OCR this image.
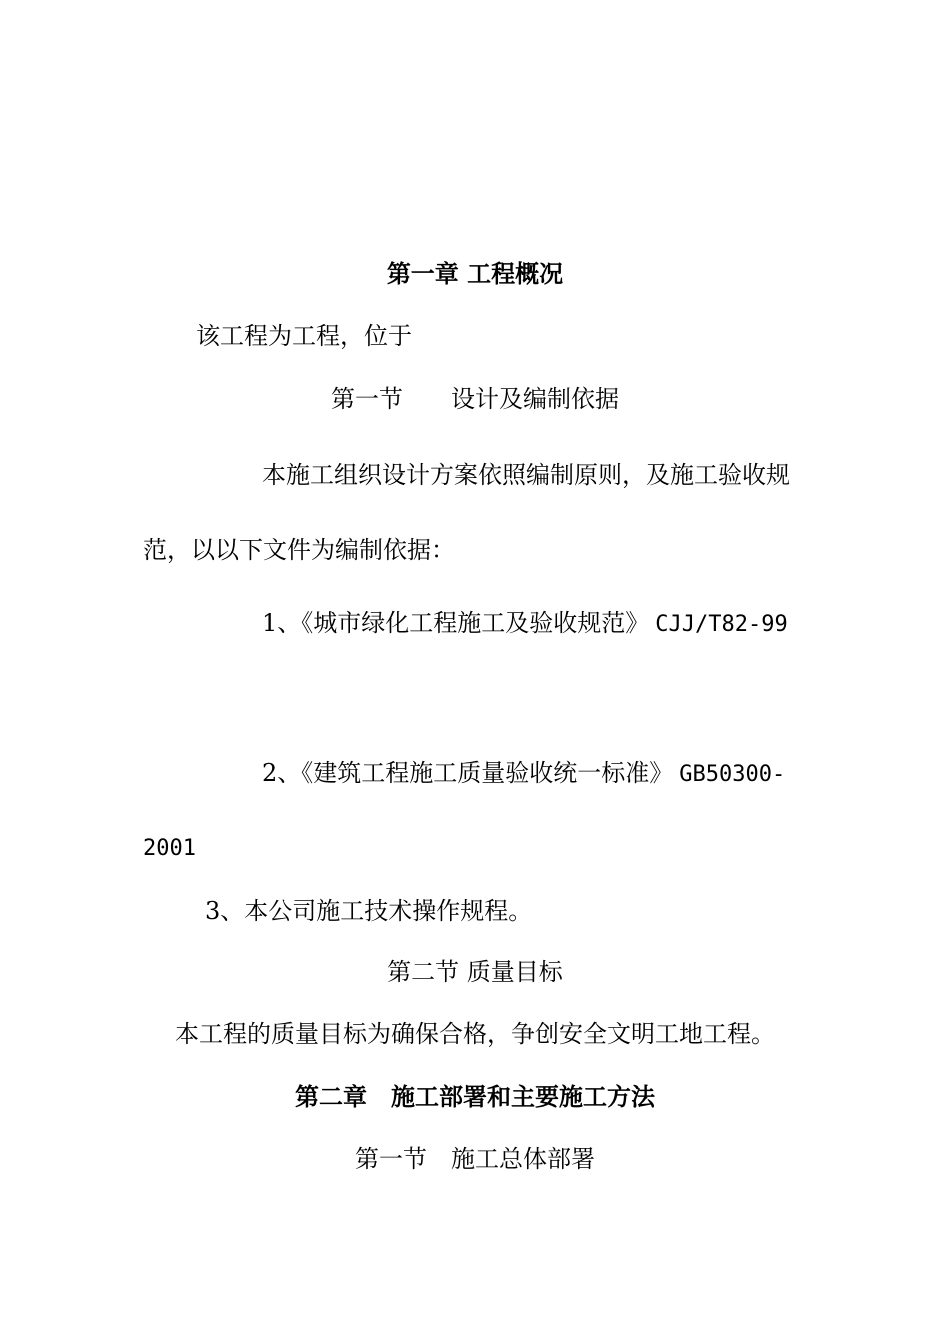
第一章 工程概况
该工程为工程，位于
第一节　　设计及编制依据
本施工组织设计方案依照编制原则，及施工验收规
范，以以下文件为编制依据：
1、《城市绿化工程施工及验收规范》 CJJ/T82-99
2、《建筑工程施工质量验收统一标准》 GB50300-
2001
3、本公司施工技术操作规程。
第二节 质量目标
本工程的质量目标为确保合格，争创安全文明工地工程。
第二章　施工部署和主要施工方法
第一节　施工总体部署
